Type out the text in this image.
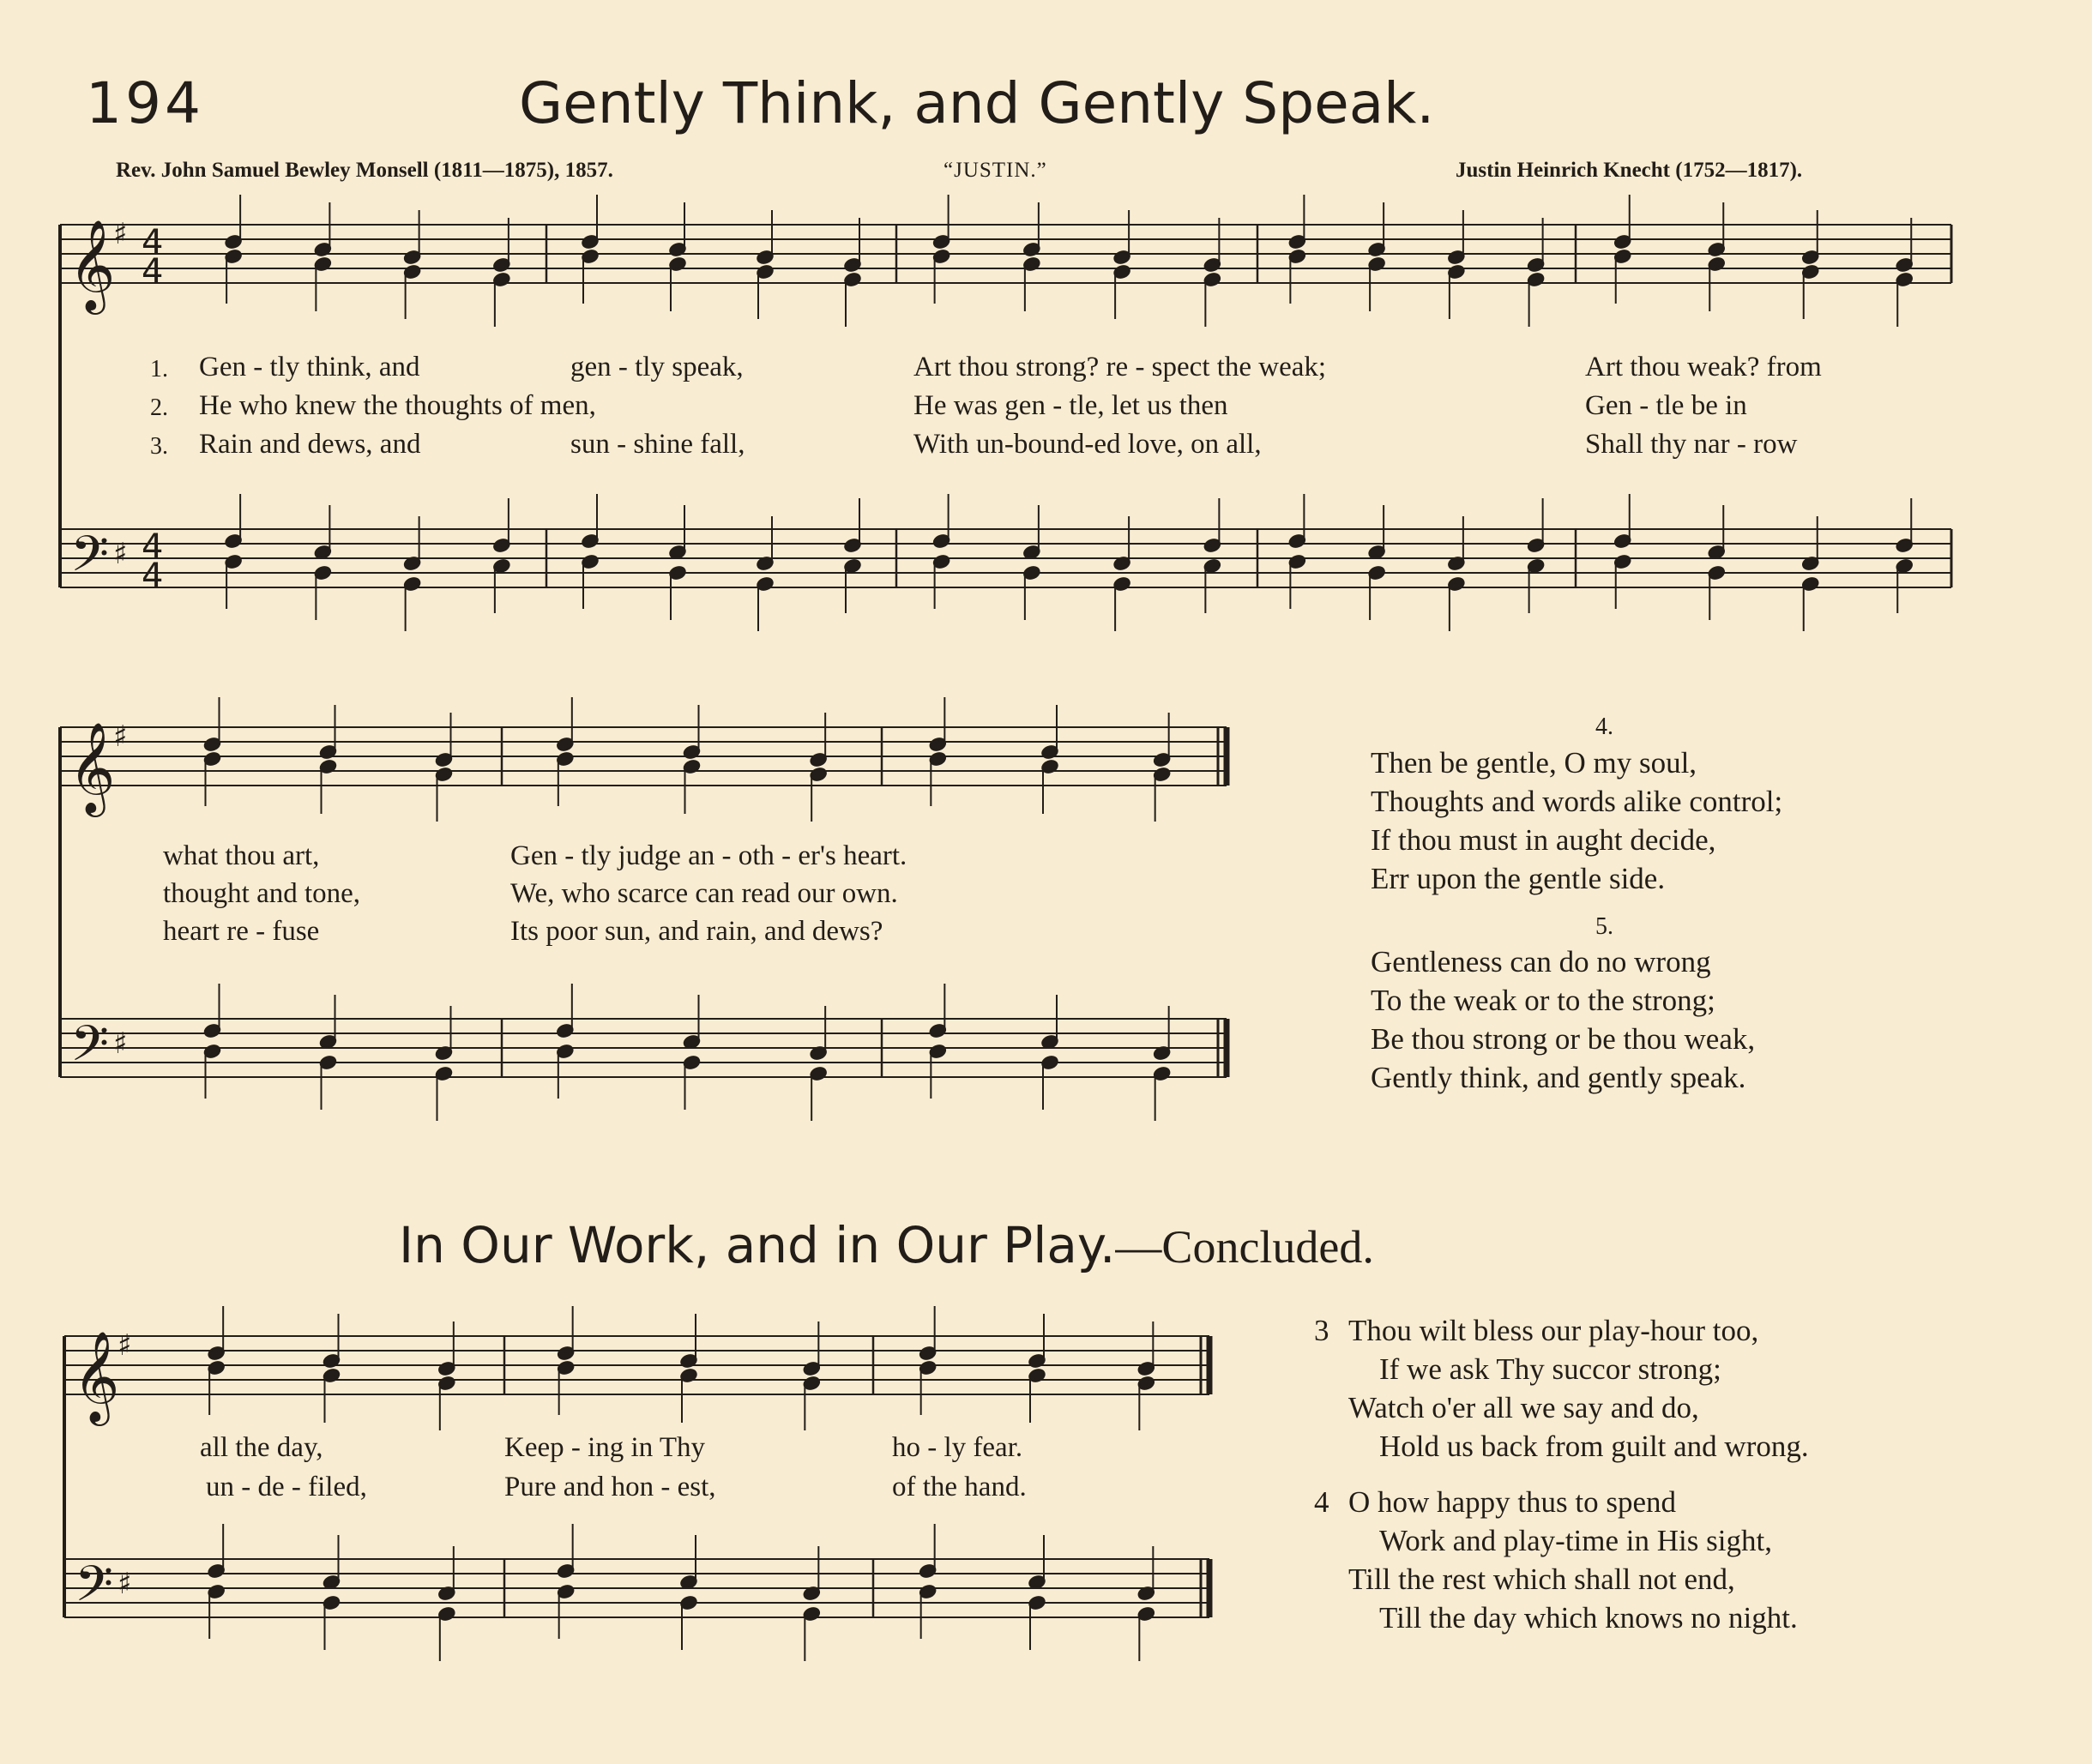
194	Gently Think, and Gently Speak.
Rev. John Samuel Bewley Monsell (1811—1875), 1857.	“JUSTIN.”	Justin Heinrich Knecht (1752—1817).
𝄞
𝄢
♯
♯
4
4
4
4
𝄞
𝄢
♯
♯
𝄞
𝄢
♯
♯
1.
2.
3.
Gen - tly think, and	gen - tly speak,	Art thou strong? re - spect the weak;	Art thou weak? from
He who knew the thoughts of men,	He was gen - tle, let us then	Gen - tle be in
Rain and dews, and	sun - shine fall,	With un-bound-ed love, on all,	Shall thy nar - row
what thou art,	Gen - tly judge an - oth - er's heart.
thought and tone,	We, who scarce can read our own.
heart re - fuse	Its poor sun, and rain, and dews?
4.
Then be gentle, O my soul,
Thoughts and words alike control;
If thou must in aught decide,
Err upon the gentle side.
5.
Gentleness can do no wrong
To the weak or to the strong;
Be thou strong or be thou weak,
Gently think, and gently speak.
In Our Work, and in Our Play.—Concluded.
all the day,	Keep - ing in Thy	ho - ly fear.
un - de - filed,	Pure and hon - est,	of the hand.
3 Thou wilt bless our play-hour too,
If we ask Thy succor strong;
Watch o'er all we say and do,
Hold us back from guilt and wrong.
4 O how happy thus to spend
Work and play-time in His sight,
Till the rest which shall not end,
Till the day which knows no night.
